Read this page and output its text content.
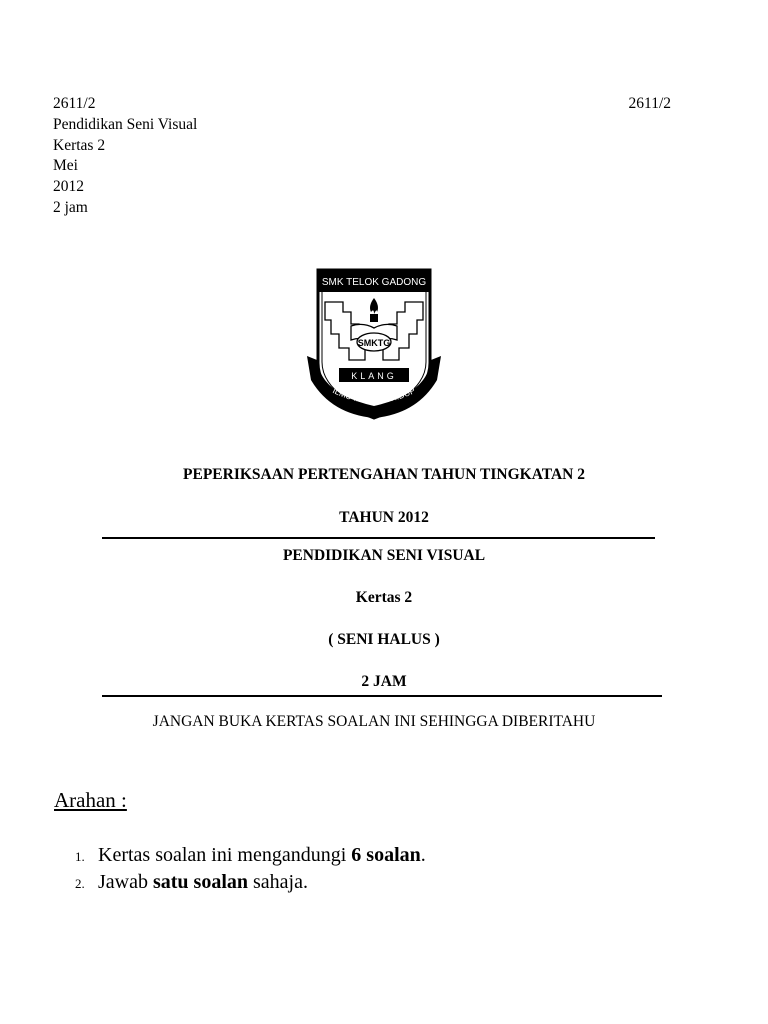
2611/2
Pendidikan Seni Visual
Kertas 2
Mei
2012
2 jam
2611/2
SMK TELOK GADONG
SMKTG
KLANG
ILMU MENARA HIDUP
PEPERIKSAAN PERTENGAHAN TAHUN TINGKATAN 2
TAHUN 2012
PENDIDIKAN SENI VISUAL
Kertas 2
( SENI HALUS )
2 JAM
JANGAN BUKA KERTAS SOALAN INI SEHINGGA DIBERITAHU
Arahan :
1. Kertas soalan ini mengandungi 6 soalan.
2. Jawab satu soalan sahaja.
